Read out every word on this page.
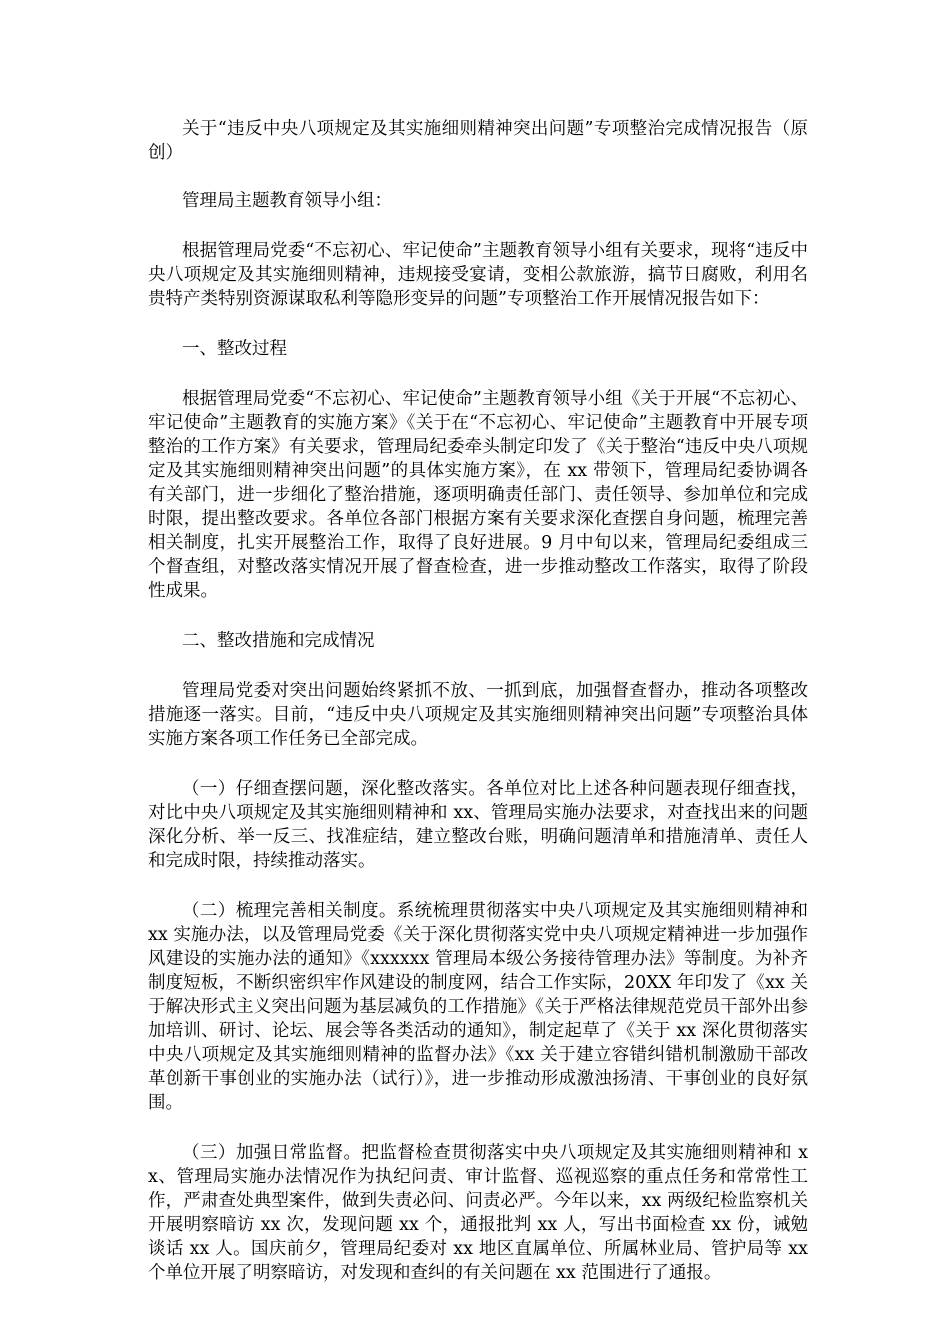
关于“违反中央八项规定及其实施细则精神突出问题”专项整治完成情况报告（原创）

管理局主题教育领导小组：

根据管理局党委“不忘初心、牢记使命”主题教育领导小组有关要求，现将“违反中央八项规定及其实施细则精神，违规接受宴请，变相公款旅游，搞节日腐败，利用名贵特产类特别资源谋取私利等隐形变异的问题”专项整治工作开展情况报告如下：

一、整改过程

根据管理局党委“不忘初心、牢记使命”主题教育领导小组《关于开展“不忘初心、牢记使命”主题教育的实施方案》《关于在“不忘初心、牢记使命”主题教育中开展专项整治的工作方案》有关要求，管理局纪委牵头制定印发了《关于整治“违反中央八项规定及其实施细则精神突出问题”的具体实施方案》，在 xx 带领下，管理局纪委协调各有关部门，进一步细化了整治措施，逐项明确责任部门、责任领导、参加单位和完成时限，提出整改要求。各单位各部门根据方案有关要求深化查摆自身问题，梳理完善相关制度，扎实开展整治工作，取得了良好进展。9 月中旬以来，管理局纪委组成三个督查组，对整改落实情况开展了督查检查，进一步推动整改工作落实，取得了阶段性成果。

二、整改措施和完成情况

管理局党委对突出问题始终紧抓不放、一抓到底，加强督查督办，推动各项整改措施逐一落实。目前，“违反中央八项规定及其实施细则精神突出问题”专项整治具体实施方案各项工作任务已全部完成。

（一）仔细查摆问题，深化整改落实。各单位对比上述各种问题表现仔细查找，对比中央八项规定及其实施细则精神和 xx、管理局实施办法要求，对查找出来的问题深化分析、举一反三、找准症结，建立整改台账，明确问题清单和措施清单、责任人和完成时限，持续推动落实。

（二）梳理完善相关制度。系统梳理贯彻落实中央八项规定及其实施细则精神和 xx 实施办法，以及管理局党委《关于深化贯彻落实党中央八项规定精神进一步加强作风建设的实施办法的通知》《xxxxxx 管理局本级公务接待管理办法》等制度。为补齐制度短板，不断织密织牢作风建设的制度网，结合工作实际，20XX 年印发了《xx 关于解决形式主义突出问题为基层减负的工作措施》《关于严格法律规范党员干部外出参加培训、研讨、论坛、展会等各类活动的通知》，制定起草了《关于 xx 深化贯彻落实中央八项规定及其实施细则精神的监督办法》《xx 关于建立容错纠错机制激励干部改革创新干事创业的实施办法（试行）》，进一步推动形成激浊扬清、干事创业的良好氛围。

（三）加强日常监督。把监督检查贯彻落实中央八项规定及其实施细则精神和 xx、管理局实施办法情况作为执纪问责、审计监督、巡视巡察的重点任务和常常性工作，严肃查处典型案件，做到失责必问、问责必严。今年以来，xx 两级纪检监察机关开展明察暗访 xx 次，发现问题 xx 个，通报批判 xx 人，写出书面检查 xx 份，诫勉谈话 xx 人。国庆前夕，管理局纪委对 xx 地区直属单位、所属林业局、管护局等 xx 个单位开展了明察暗访，对发现和查纠的有关问题在 xx 范围进行了通报。
